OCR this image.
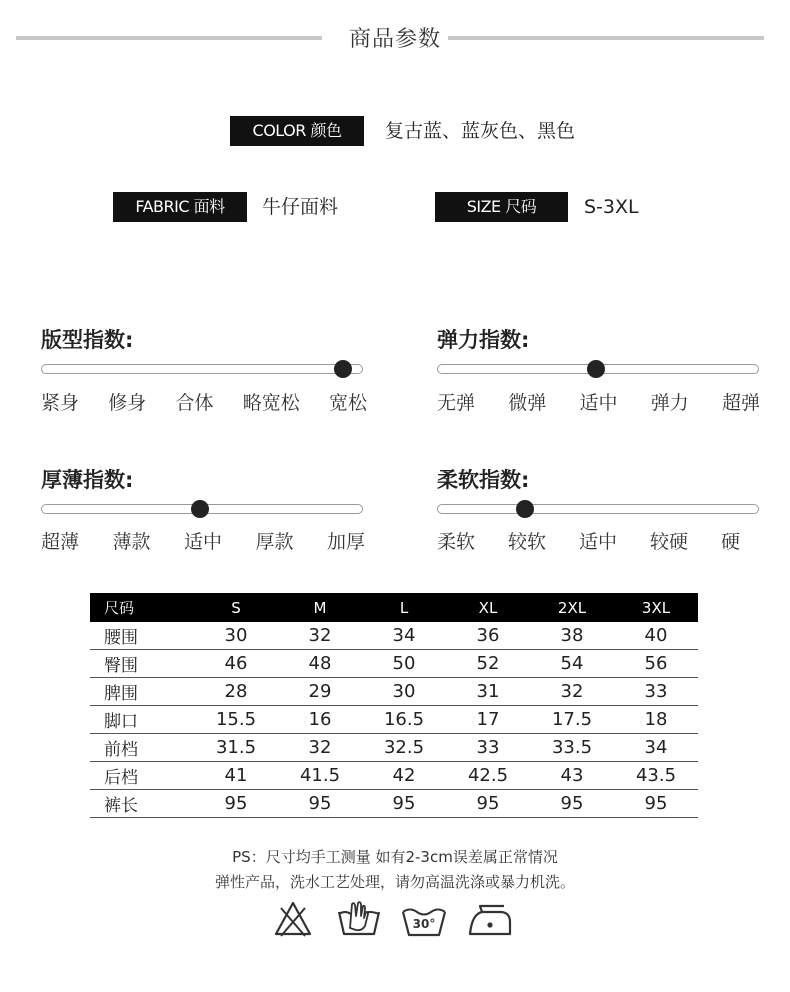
商品参数
COLOR 颜色	复古蓝、蓝灰色、黑色
FABRIC 面料	牛仔面料	SIZE 尺码	S-3XL
版型指数:
紧身 修身 合体 略宽松 宽松
弹力指数:
无弹 微弹 适中 弹力 超弹
厚薄指数:
超薄 薄款 适中 厚款 加厚
柔软指数:
柔软 较软 适中 较硬 硬
尺码	S	M	L	XL	2XL	3XL
腰围	30	32	34	36	38	40
臀围	46	48	50	52	54	56
脾围	28	29	30	31	32	33
脚口	15.5	16	16.5	17	17.5	18
前档	31.5	32	32.5	33	33.5	34
后档	41	41.5	42	42.5	43	43.5
裤长	95	95	95	95	95	95
PS：尺寸均手工测量 如有2-3cm误差属正常情况
弹性产品，洗水工艺处理，请勿高温洗涤或暴力机洗。
30°
